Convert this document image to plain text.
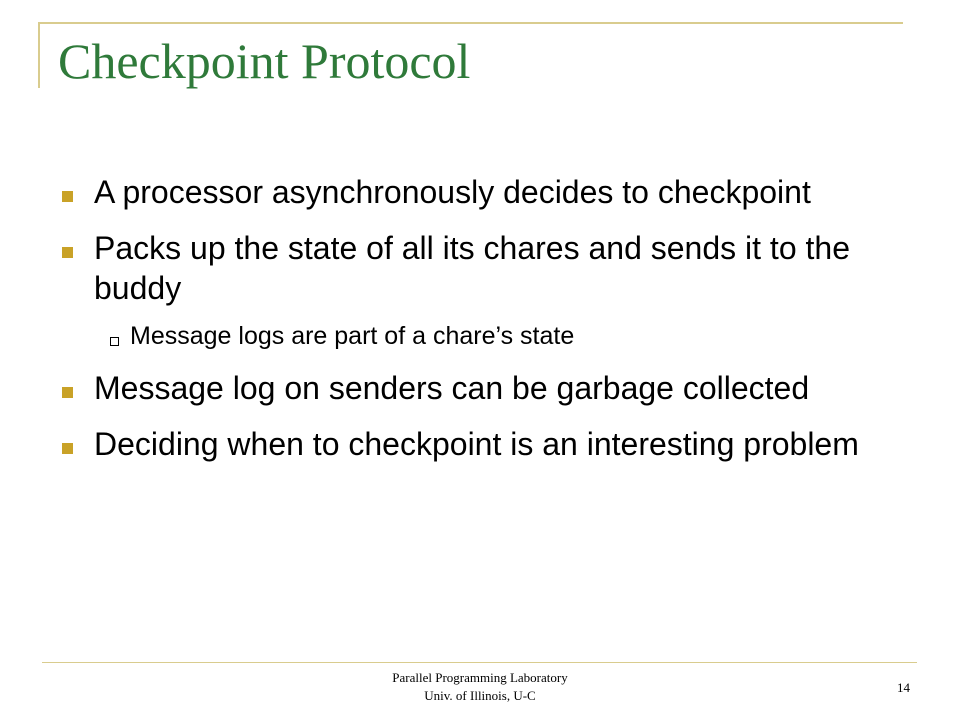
Checkpoint Protocol
A processor asynchronously decides to checkpoint
Packs up the state of all its chares and sends it to the buddy
Message logs are part of a chare’s state
Message log on senders can be garbage collected
Deciding when to checkpoint is an interesting problem
Parallel Programming Laboratory
Univ. of Illinois, U-C
14
